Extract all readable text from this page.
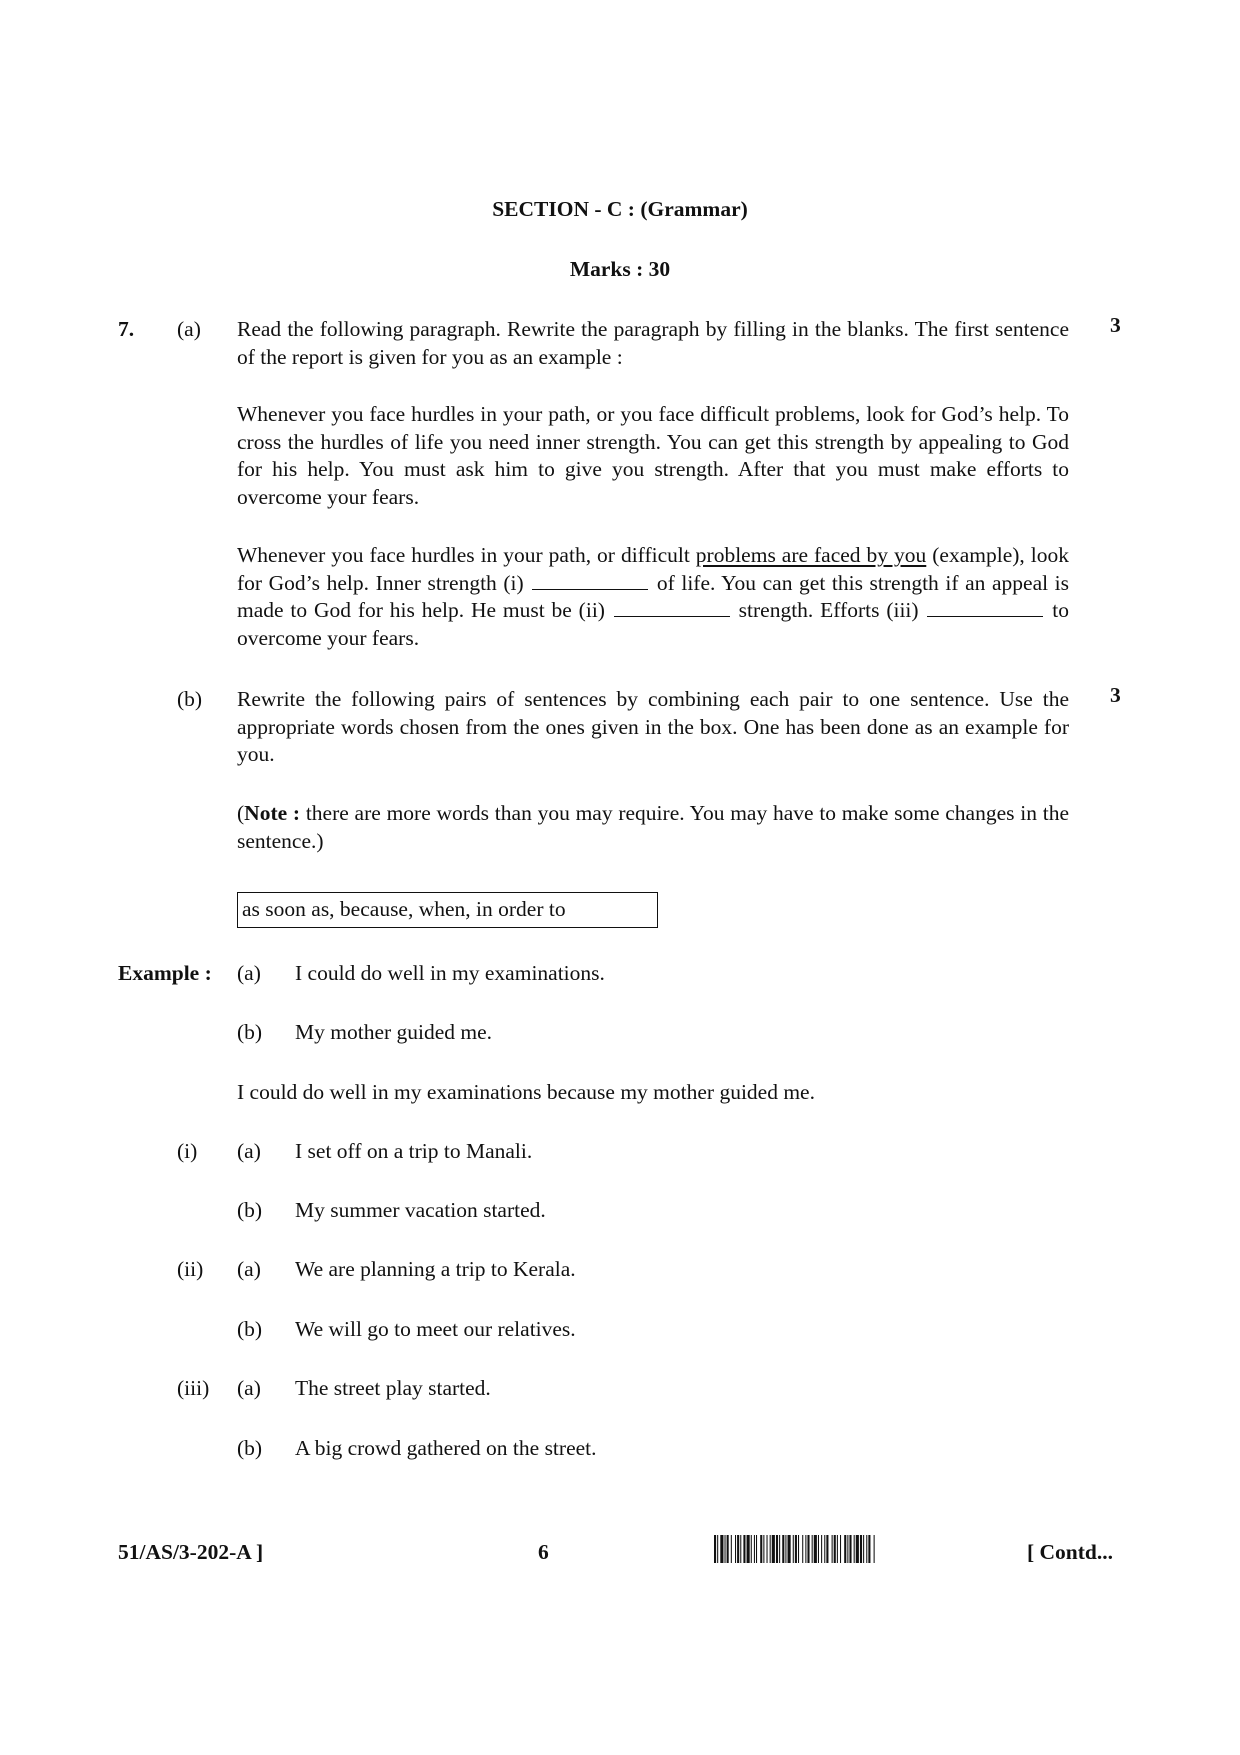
SECTION - C : (Grammar)
Marks : 30
7. (a)	3
Read the following paragraph. Rewrite the paragraph by filling in the blanks. The first sentence of the report is given for you as an example :
Whenever you face hurdles in your path, or you face difficult problems, look for God’s help. To cross the hurdles of life you need inner strength. You can get this strength by appealing to God for his help. You must ask him to give you strength. After that you must make efforts to overcome your fears.
Whenever you face hurdles in your path, or difficult problems are faced by you (example), look for God’s help. Inner strength (i)	of life. You can get this strength if an appeal is made to God for his help. He must be (ii)	strength. Efforts (iii)	to overcome your fears.
(b)	3
Rewrite the following pairs of sentences by combining each pair to one sentence. Use the appropriate words chosen from the ones given in the box. One has been done as an example for you.
(Note : there are more words than you may require. You may have to make some changes in the sentence.)
as soon as, because, when, in order to
Example : (a) I could do well in my examinations.
(b) My mother guided me.
I could do well in my examinations because my mother guided me.
(i) (a) I set off on a trip to Manali.
(b) My summer vacation started.
(ii) (a) We are planning a trip to Kerala.
(b) We will go to meet our relatives.
(iii) (a) The street play started.
(b) A big crowd gathered on the street.
51/AS/3-202-A ]	6	[ Contd...
